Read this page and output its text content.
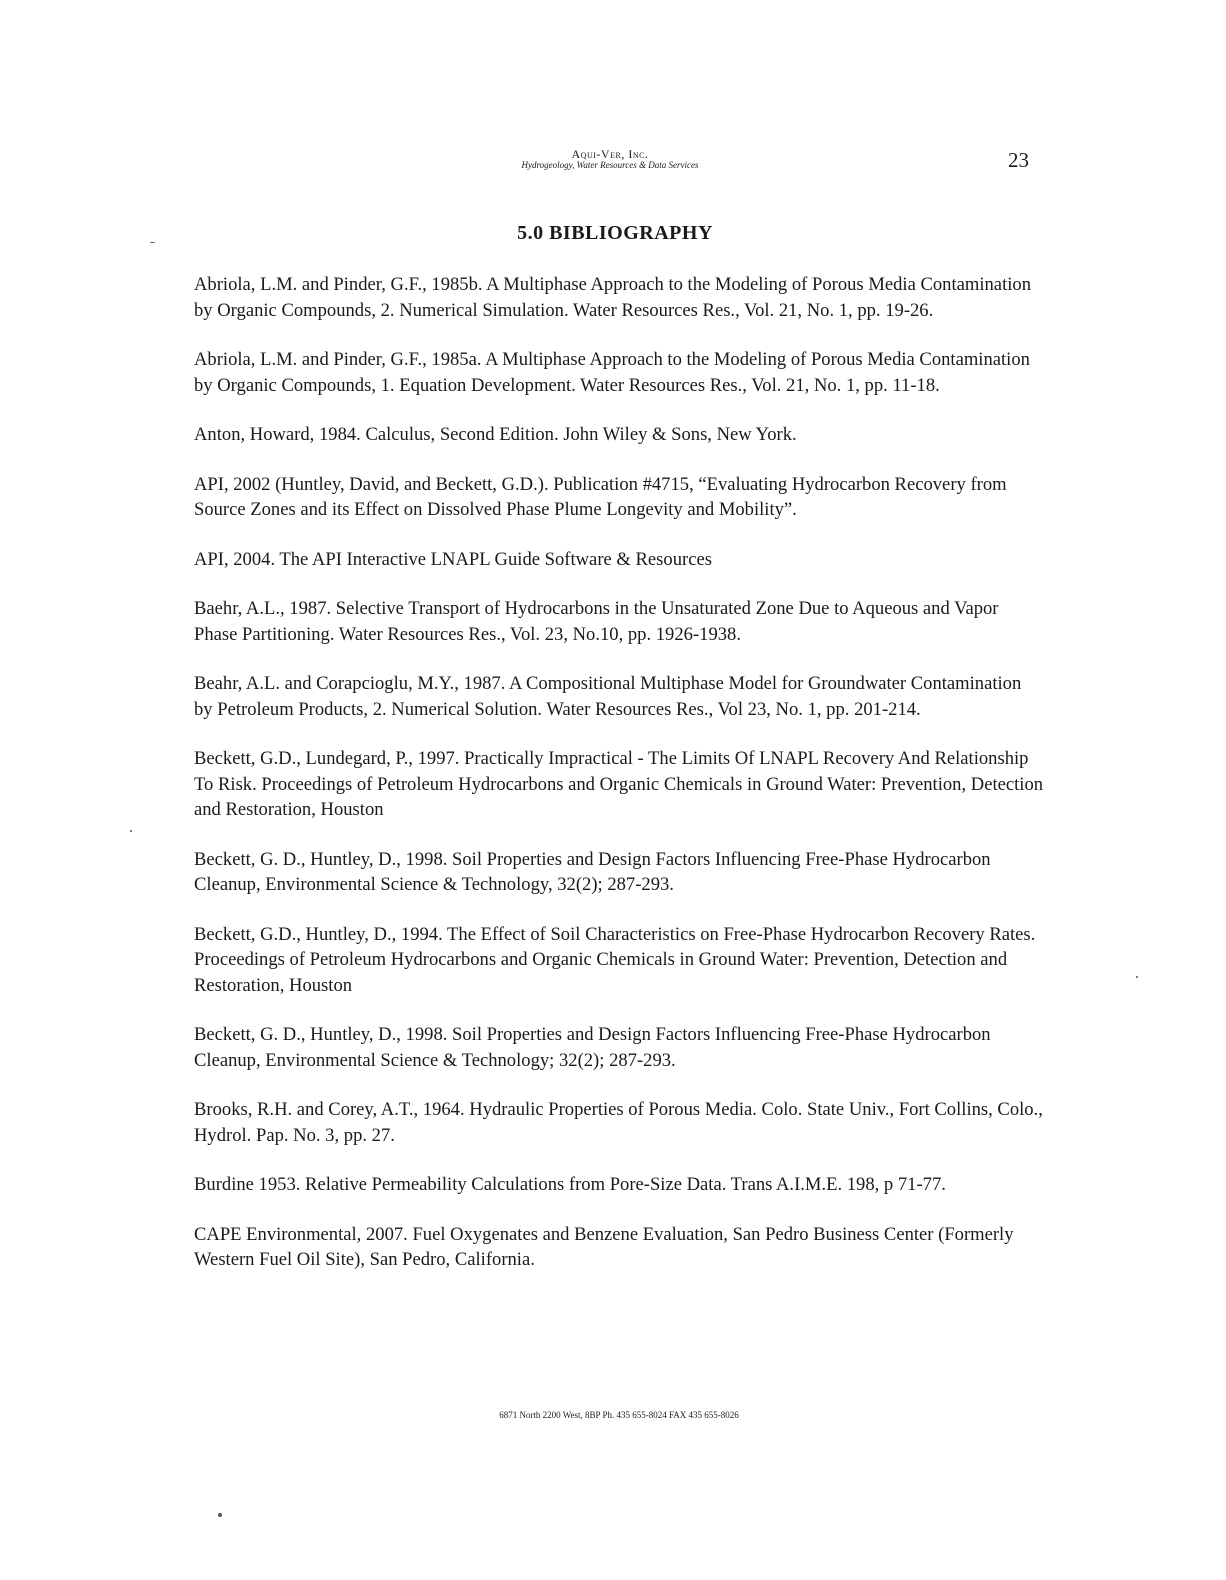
Aqui-Ver, Inc.
Hydrogeology, Water Resources & Data Services	23
5.0 BIBLIOGRAPHY
Abriola, L.M. and Pinder, G.F., 1985b. A Multiphase Approach to the Modeling of Porous Media Contamination by Organic Compounds, 2. Numerical Simulation. Water Resources Res., Vol. 21, No. 1, pp. 19-26.
Abriola, L.M. and Pinder, G.F., 1985a. A Multiphase Approach to the Modeling of Porous Media Contamination by Organic Compounds, 1. Equation Development. Water Resources Res., Vol. 21, No. 1, pp. 11-18.
Anton, Howard, 1984. Calculus, Second Edition. John Wiley & Sons, New York.
API, 2002 (Huntley, David, and Beckett, G.D.). Publication #4715, “Evaluating Hydrocarbon Recovery from Source Zones and its Effect on Dissolved Phase Plume Longevity and Mobility”.
API, 2004. The API Interactive LNAPL Guide Software & Resources
Baehr, A.L., 1987. Selective Transport of Hydrocarbons in the Unsaturated Zone Due to Aqueous and Vapor Phase Partitioning. Water Resources Res., Vol. 23, No.10, pp. 1926-1938.
Beahr, A.L. and Corapcioglu, M.Y., 1987. A Compositional Multiphase Model for Groundwater Contamination by Petroleum Products, 2. Numerical Solution. Water Resources Res., Vol 23, No. 1, pp. 201-214.
Beckett, G.D., Lundegard, P., 1997. Practically Impractical - The Limits Of LNAPL Recovery And Relationship To Risk. Proceedings of Petroleum Hydrocarbons and Organic Chemicals in Ground Water: Prevention, Detection and Restoration, Houston
Beckett, G. D., Huntley, D., 1998. Soil Properties and Design Factors Influencing Free-Phase Hydrocarbon Cleanup, Environmental Science & Technology, 32(2); 287-293.
Beckett, G.D., Huntley, D., 1994. The Effect of Soil Characteristics on Free-Phase Hydrocarbon Recovery Rates. Proceedings of Petroleum Hydrocarbons and Organic Chemicals in Ground Water: Prevention, Detection and Restoration, Houston
Beckett, G. D., Huntley, D., 1998. Soil Properties and Design Factors Influencing Free-Phase Hydrocarbon Cleanup, Environmental Science & Technology; 32(2); 287-293.
Brooks, R.H. and Corey, A.T., 1964. Hydraulic Properties of Porous Media. Colo. State Univ., Fort Collins, Colo., Hydrol. Pap. No. 3, pp. 27.
Burdine 1953. Relative Permeability Calculations from Pore-Size Data. Trans A.I.M.E. 198, p 71-77.
CAPE Environmental, 2007. Fuel Oxygenates and Benzene Evaluation, San Pedro Business Center (Formerly Western Fuel Oil Site), San Pedro, California.
6871 North 2200 West, 8BP Ph. 435 655-8024 FAX 435 655-8026
